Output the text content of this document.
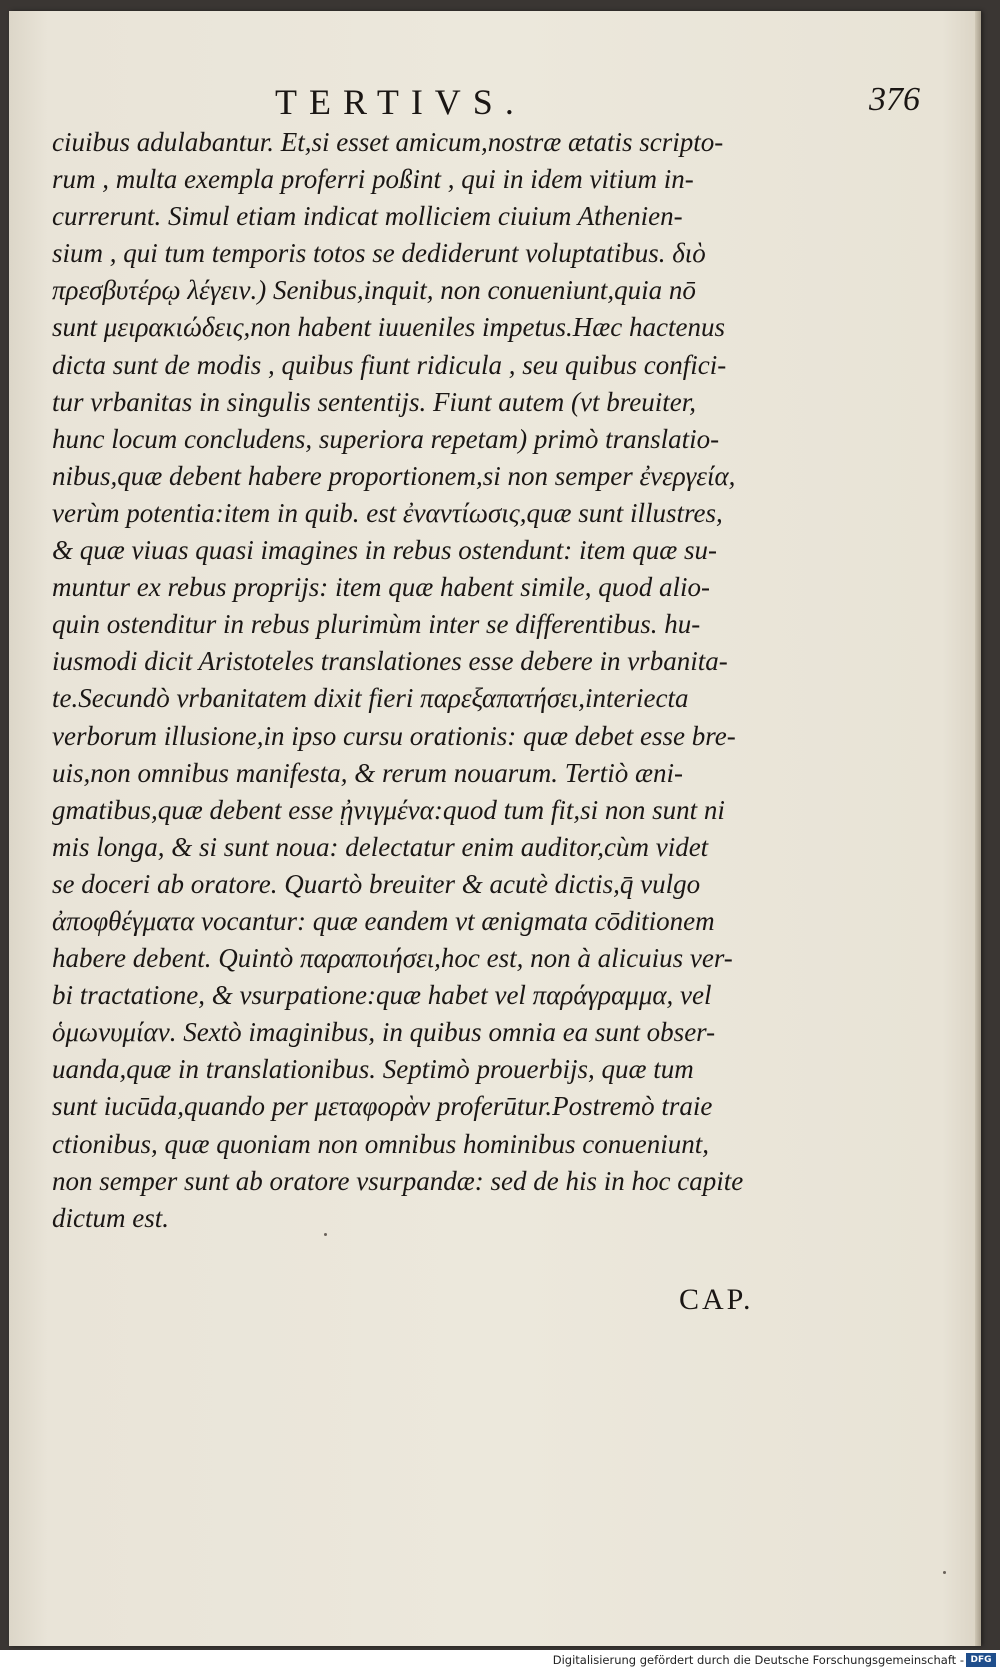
TERTIVS.	376
ciuibus adulabantur. Et,si esset amicum,nostræ ætatis scripto-
rum , multa exempla proferri poßint , qui in idem vitium in-
currerunt. Simul etiam indicat molliciem ciuium Athenien-
sium , qui tum temporis totos se dediderunt voluptatibus. διὸ
πρεσβυτέρῳ λέγειν.) Senibus,inquit, non conueniunt,quia nō
sunt μειρακιώδεις,non habent iuueniles impetus.Hæc hactenus
dicta sunt de modis , quibus fiunt ridicula , seu quibus confici-
tur vrbanitas in singulis sententijs. Fiunt autem (vt breuiter,
hunc locum concludens, superiora repetam) primò translatio-
nibus,quæ debent habere proportionem,si non semper ἐνεργεία,
verùm potentia:item in quib. est ἐναντίωσις,quæ sunt illustres,
& quæ viuas quasi imagines in rebus ostendunt: item quæ su-
muntur ex rebus proprijs: item quæ habent simile, quod alio-
quin ostenditur in rebus plurimùm inter se differentibus. hu-
iusmodi dicit Aristoteles translationes esse debere in vrbanita-
te.Secundò vrbanitatem dixit fieri παρεξαπατήσει,interiecta
verborum illusione,in ipso cursu orationis: quæ debet esse bre-
uis,non omnibus manifesta, & rerum nouarum. Tertiò æni-
gmatibus,quæ debent esse ᾐνιγμένα:quod tum fit,si non sunt ni
mis longa, & si sunt noua: delectatur enim auditor,cùm videt
se doceri ab oratore. Quartò breuiter & acutè dictis,q̄ vulgo
ἀποφθέγματα vocantur: quæ eandem vt ænigmata cōditionem
habere debent. Quintò παραποιήσει,hoc est, non à alicuius ver-
bi tractatione, & vsurpatione:quæ habet vel παράγραμμα, vel
ὁμωνυμίαν. Sextò imaginibus, in quibus omnia ea sunt obser-
uanda,quæ in translationibus. Septimò prouerbijs, quæ tum
sunt iucūda,quando per μεταφορὰν proferūtur.Postremò traie
ctionibus, quæ quoniam non omnibus hominibus conueniunt,
non semper sunt ab oratore vsurpandæ: sed de his in hoc capite
dictum est.
CAP.
Digitalisierung gefördert durch die Deutsche Forschungsgemeinschaft - DFG
